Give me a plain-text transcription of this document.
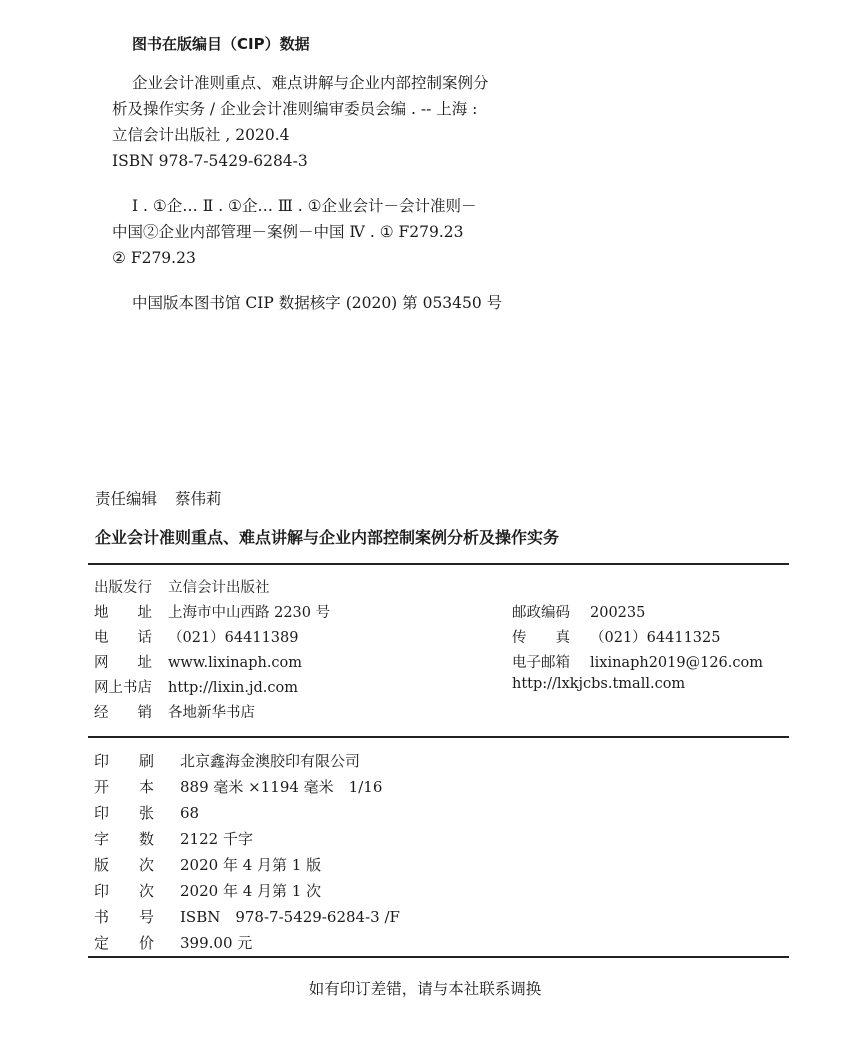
图书在版编目（CIP）数据
企业会计准则重点、难点讲解与企业内部控制案例分
析及操作实务 / 企业会计准则编审委员会编 . -- 上海 :
立信会计出版社 , 2020.4
ISBN 978-7-5429-6284-3
Ⅰ . ①企… Ⅱ . ①企… Ⅲ . ①企业会计－会计准则－
中国②企业内部管理－案例－中国 Ⅳ . ① F279.23
② F279.23
中国版本图书馆 CIP 数据核字 (2020) 第 053450 号
责任编辑 蔡伟莉
企业会计准则重点、难点讲解与企业内部控制案例分析及操作实务
出版发行 立信会计出版社
地　　址 上海市中山西路 2230 号
电　　话 （021）64411389
网　　址 www.lixinaph.com
网上书店 http://lixin.jd.com
经　　销 各地新华书店
邮政编码 200235
传　　真 （021）64411325
电子邮箱 lixinaph2019@126.com
http://lxkjcbs.tmall.com
印　　刷 北京鑫海金澳胶印有限公司
开　　本 889 毫米 ×1194 毫米　1/16
印　　张 68
字　　数 2122 千字
版　　次 2020 年 4 月第 1 版
印　　次 2020 年 4 月第 1 次
书　　号 ISBN　978-7-5429-6284-3 /F
定　　价 399.00 元
如有印订差错，请与本社联系调换
